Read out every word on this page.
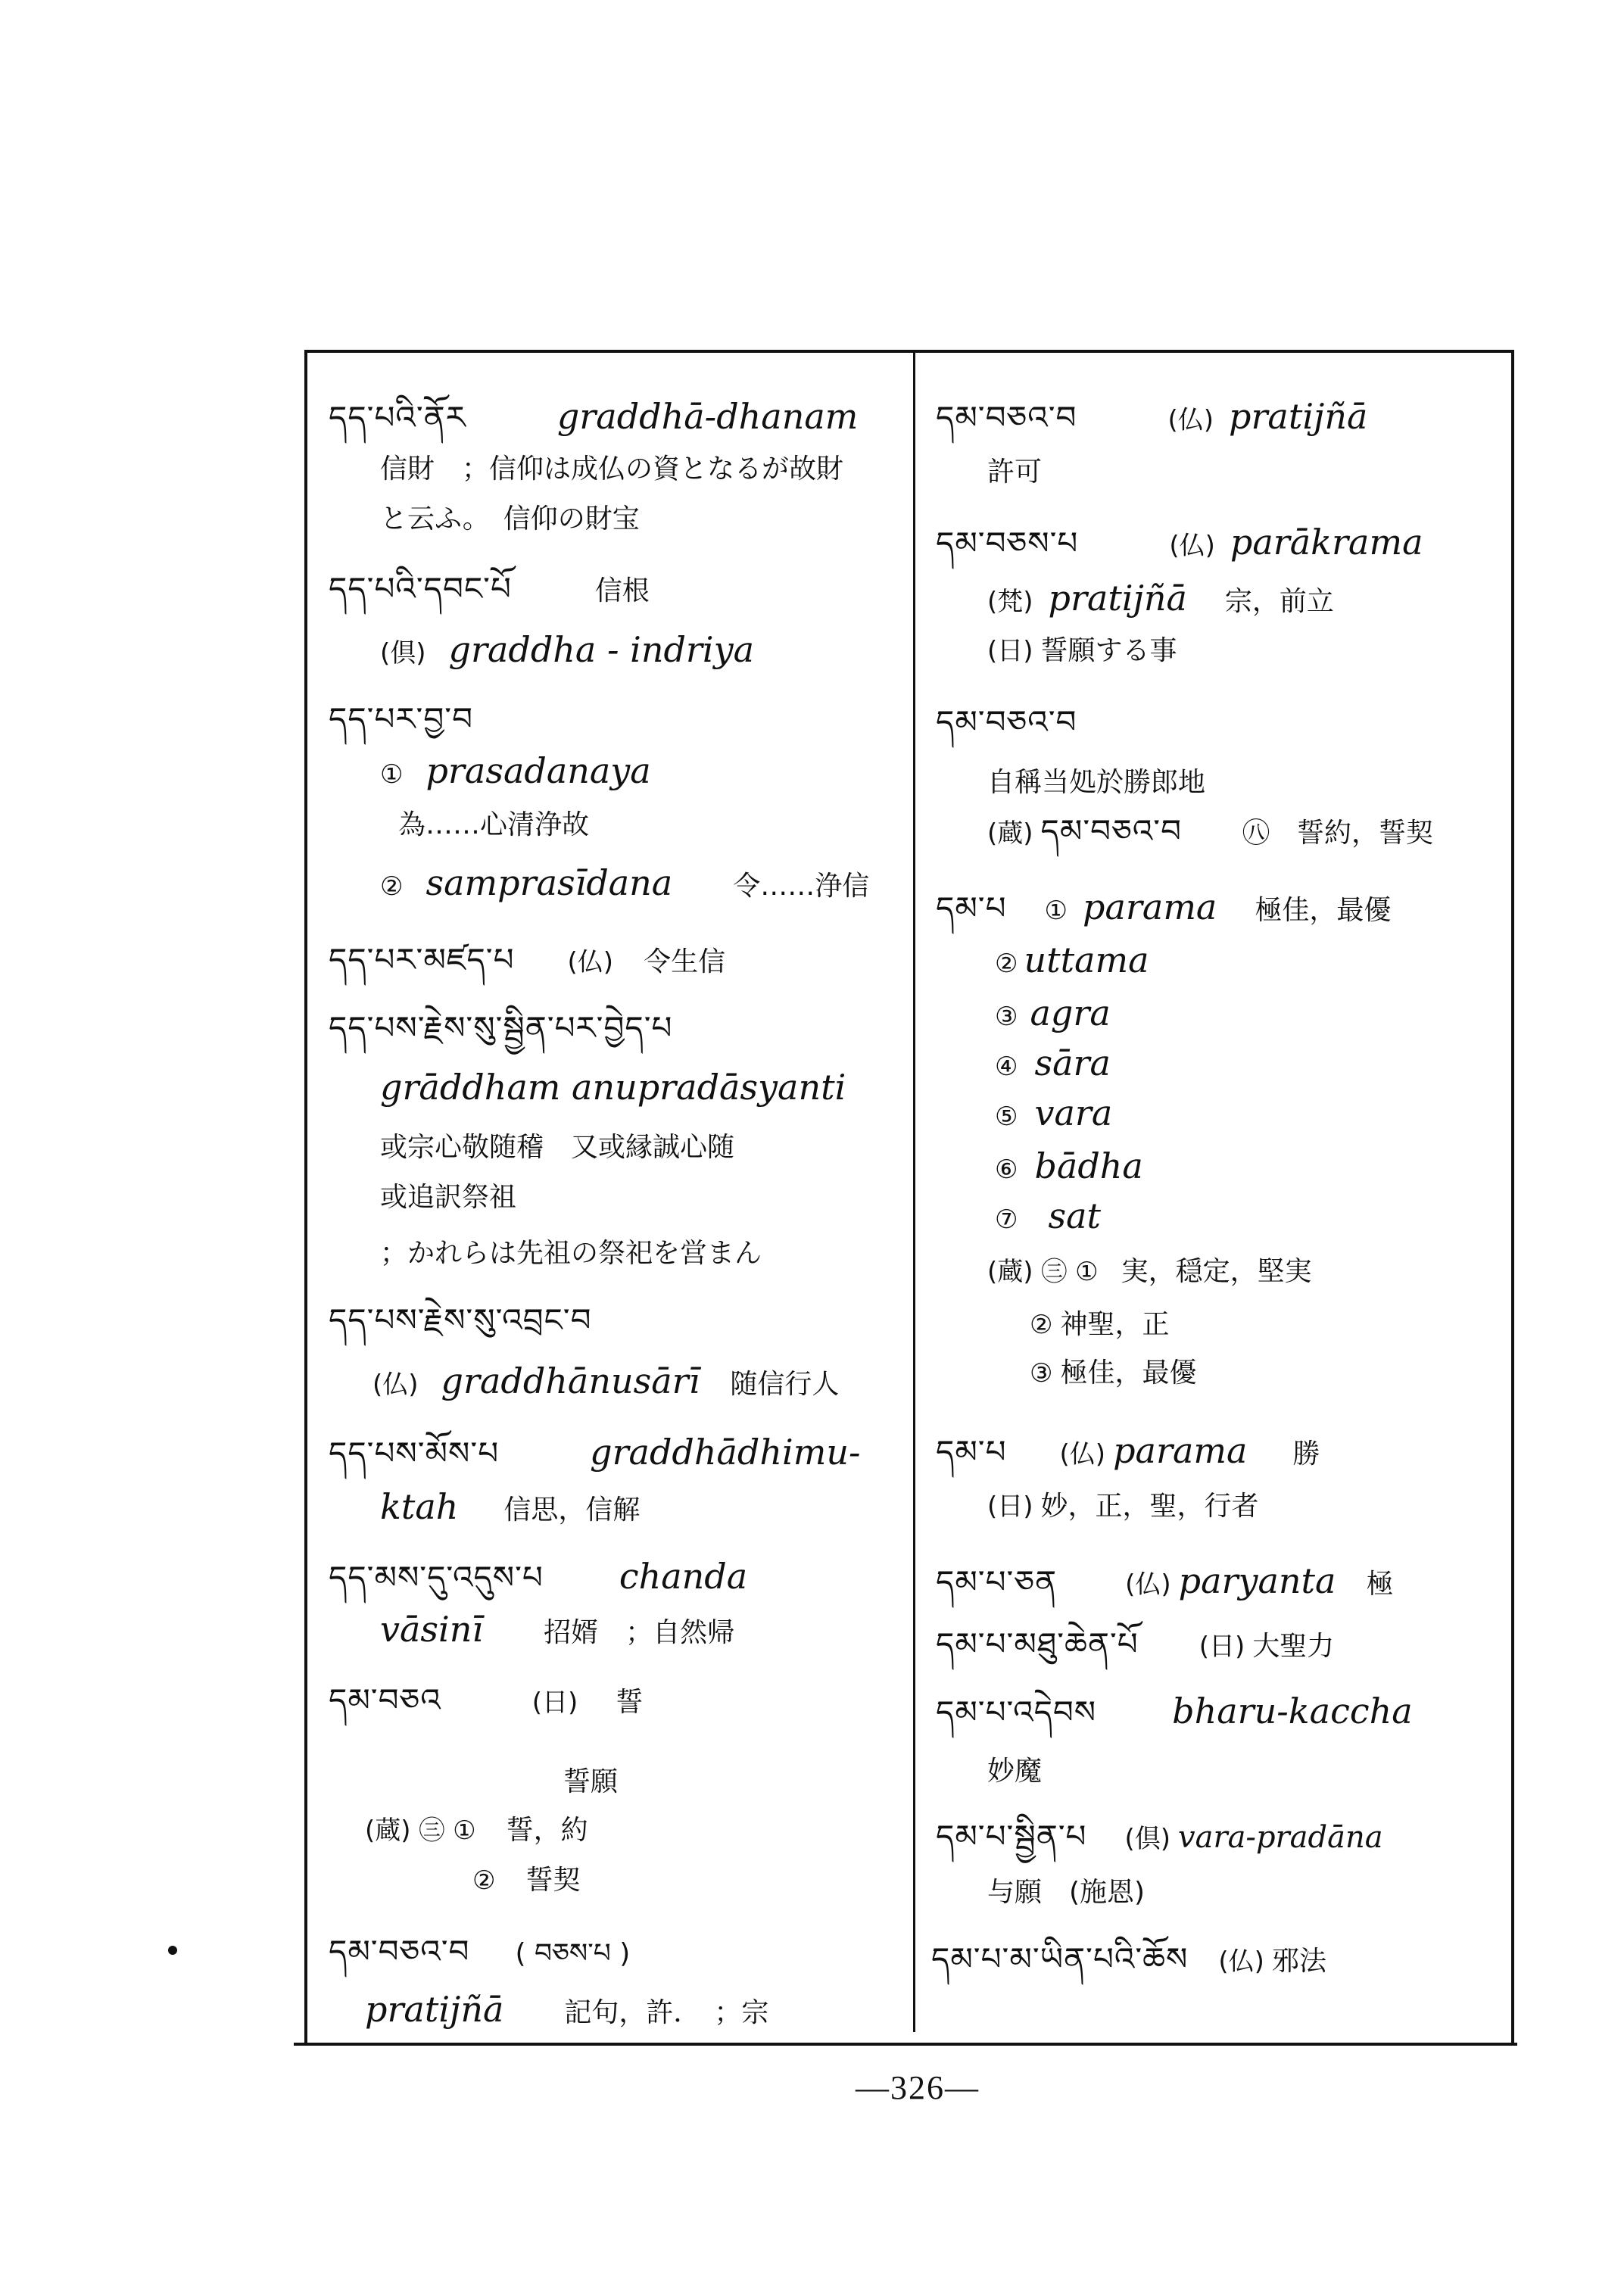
དད་པའི་ནོར	graddhā-dhanam
信財　；信仰は成仏の資となるが故財
と云ふ。　信仰の財宝
དད་པའི་དབང་པོ	信根
(倶) graddha - indriya
དད་པར་བྱ་བ
① prasadanaya
為……心清浄故
② samprasīdana 令……浄信
དད་པར་མཛད་པ (仏) 令生信
དད་པས་རྗེས་སུ་སྦྱིན་པར་བྱེད་པ
grāddham anupradāsyanti
或宗心敬随稽　又或縁誠心随
或追訳祭祖
；かれらは先祖の祭祀を営まん
དད་པས་རྗེས་སུ་འབྲང་བ
(仏) graddhānusārī 随信行人
དད་པས་མོས་པ	graddhādhimu-
ktah 信思，信解
དད་མས་དུ་འདུས་པ chanda
vāsinī 招婿　；自然帰
དམ་བཅའ	(日) 誓
誓願
(蔵) ㊂ ① 誓，約
② 誓契
དམ་བཅའ་བ ( བཅས་པ )
pratijñā 記句，許．　；宗
དམ་བཅའ་བ	(仏) pratijñā
許可
དམ་བཅས་པ	(仏) parākrama
(梵) pratijñā 宗，前立
(日) 誓願する事
དམ་བཅའ་བ
自稱当処於勝郎地
(蔵) དམ་བཅའ་བ ㊇　誓約，誓契
དམ་པ ① parama 極佳，最優
② uttama
③ agra
④ sāra
⑤ vara
⑥ bādha
⑦ sat
(蔵) ㊂ ① 実，穏定，堅実
② 神聖，正
③ 極佳，最優
དམ་པ (仏) parama 勝
(日) 妙，正，聖，行者
དམ་པ་ཅན	(仏) paryanta 極
དམ་པ་མཐུ་ཆེན་པོ (日) 大聖力
དམ་པ་འདེབས bharu-kaccha
妙魔
དམ་པ་སྦྱིན་པ (倶) vara-pradāna
与願　(施恩)
དམ་པ་མ་ཡིན་པའི་ཆོས (仏) 邪法
—326—
